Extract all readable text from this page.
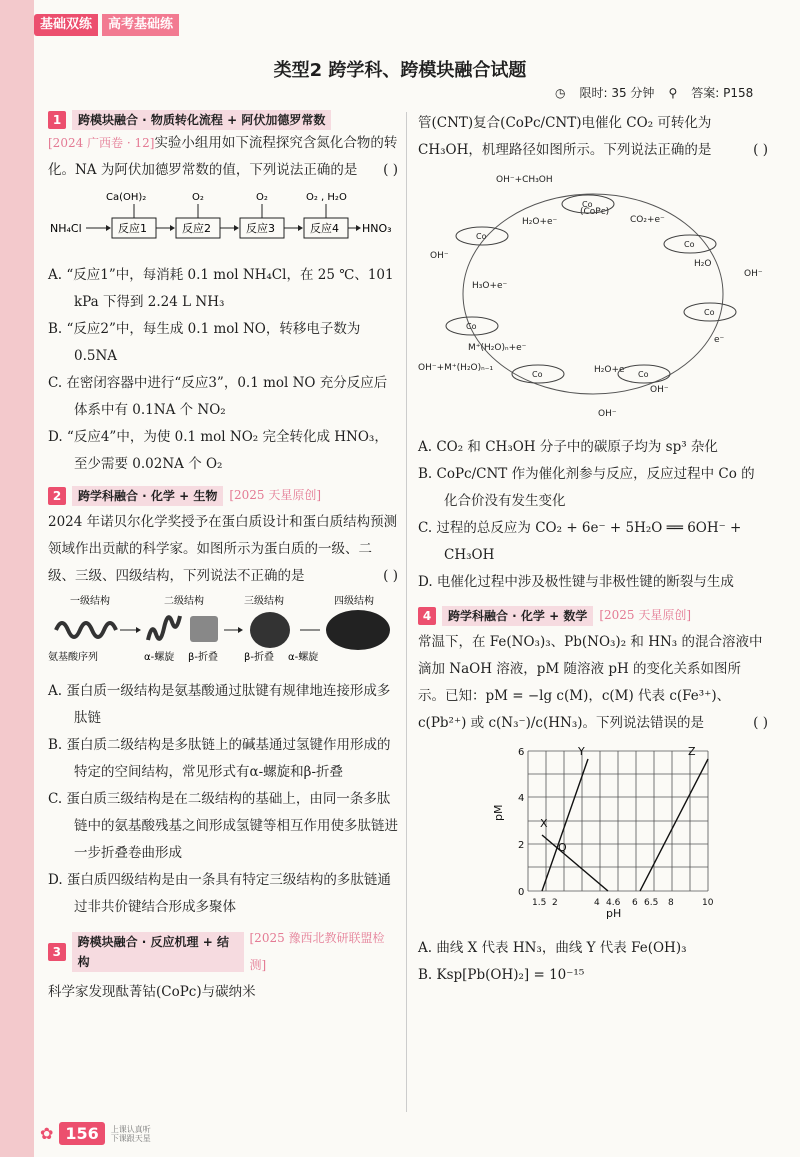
基础双练	高考基础练
类型2 跨学科、跨模块融合试题
◷ 限时: 35 分钟 ⚲ 答案: P158
1	跨模块融合 · 物质转化流程 + 阿伏加德罗常数

[2024 广西卷 · 12]实验小组用如下流程探究含氮化合物的转化。NA 为阿伏加德罗常数的值，下列说法正确的是 ( )

NH₄Cl	反应1
Ca(OH)₂
反应2
O₂
反应3
O₂
反应4
O₂ , H₂O
HNO₃

A. “反应1”中，每消耗 0.1 mol NH₄Cl，在 25 ℃、101 kPa 下得到 2.24 L NH₃

B. “反应2”中，每生成 0.1 mol NO，转移电子数为 0.5NA

C. 在密闭容器中进行“反应3”，0.1 mol NO 充分反应后体系中有 0.1NA 个 NO₂

D. “反应4”中，为使 0.1 mol NO₂ 完全转化成 HNO₃，至少需要 0.02NA 个 O₂

2	跨学科融合 · 化学 + 生物	[2025 天星原创]

2024 年诺贝尔化学奖授予在蛋白质设计和蛋白质结构预测领域作出贡献的科学家。如图所示为蛋白质的一级、二级、三级、四级结构，下列说法不正确的是	( )

一级结构	二级结构	三级结构	四级结构
氨基酸序列	α-螺旋 β-折叠	β-折叠 α-螺旋

A. 蛋白质一级结构是氨基酸通过肽键有规律地连接形成多肽链

B. 蛋白质二级结构是多肽链上的碱基通过氢键作用形成的特定的空间结构，常见形式有α-螺旋和β-折叠

C. 蛋白质三级结构是在二级结构的基础上，由同一条多肽链中的氨基酸残基之间形成氢键等相互作用使多肽链进一步折叠卷曲形成

D. 蛋白质四级结构是由一条具有特定三级结构的多肽链通过非共价键结合形成多聚体

3
跨模块融合 · 反应机理 + 结构
[2025 豫西北教研联盟检测]

科学家发现酞菁钴(CoPc)与碳纳米

管(CNT)复合(CoPc/CNT)电催化 CO₂ 可转化为 CH₃OH，机理路径如图所示。下列说法正确的是	( )

OH⁻+CH₃OH
(CoPc)
CO₂+e⁻
H₂O+e⁻
H₂O
OH⁻
e⁻
H₂O+e⁻
OH⁻
OH⁻
M⁺(H₂O)ₙ+e⁻
OH⁻+M⁺(H₂O)ₙ₋₁
OH⁻
H₃O+e⁻
Co
Co
Co
Co
Co
Co
Co

A. CO₂ 和 CH₃OH 分子中的碳原子均为 sp³ 杂化

B. CoPc/CNT 作为催化剂参与反应，反应过程中 Co 的化合价没有发生变化

C. 过程的总反应为 CO₂ + 6e⁻ + 5H₂O ══ 6OH⁻ + CH₃OH

D. 电催化过程中涉及极性键与非极性键的断裂与生成

4	跨学科融合 · 化学 + 数学	[2025 天星原创]

常温下，在 Fe(NO₃)₃、Pb(NO₃)₂ 和 HN₃ 的混合溶液中滴加 NaOH 溶液，pM 随溶液 pH 的变化关系如图所示。已知：pM = −lg c(M)，c(M) 代表 c(Fe³⁺)、c(Pb²⁺) 或 c(N₃⁻)/c(HN₃)。下列说法错误的是	( )

Y
X
Z
Q
pM
pH
0
2
4
6
1.5 2	4 4.6 6 6.5 8	10

A. 曲线 X 代表 HN₃，曲线 Y 代表 Fe(OH)₃

B. Ksp[Pb(OH)₂] = 10⁻¹⁵

✿ 156	上课认真听
下课跟天星
